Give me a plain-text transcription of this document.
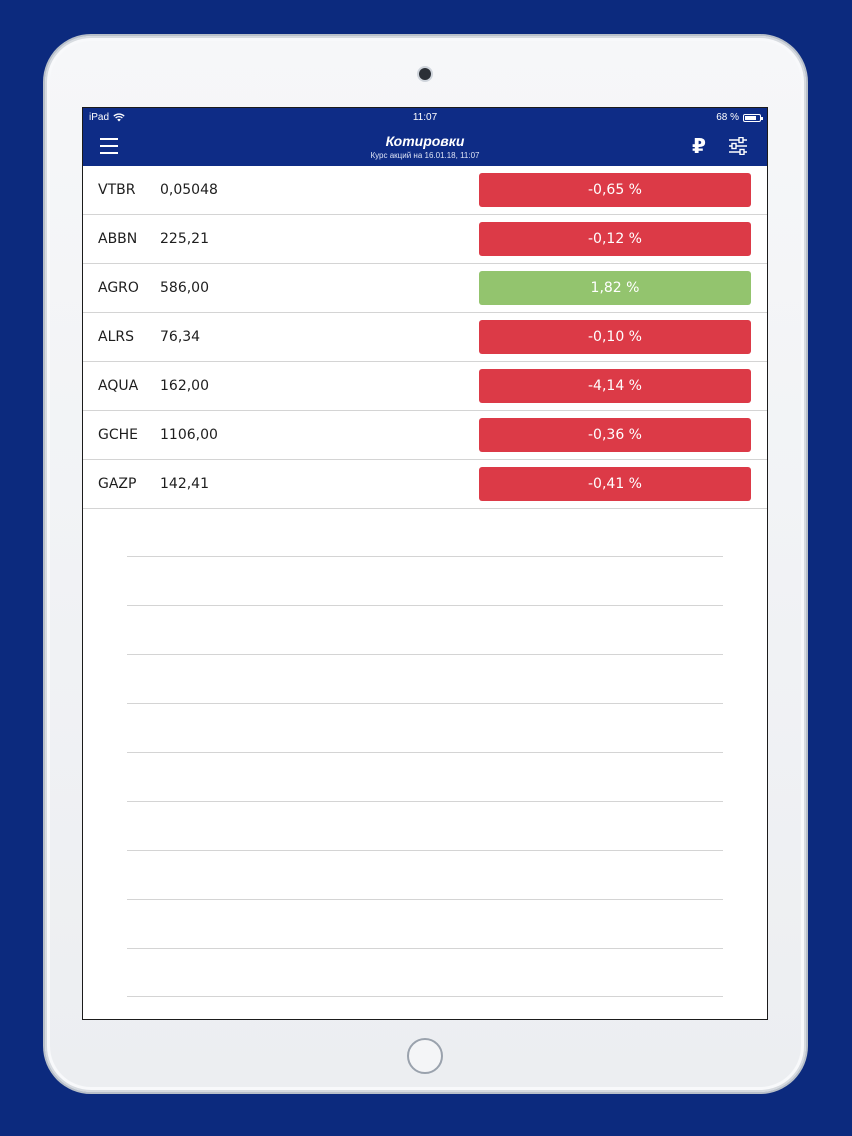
iPad	11:07	68 %
Котировки
Курс акций на 16.01.18, 11:07	₽
VTBR 0,05048	-0,65 %
ABBN 225,21	-0,12 %
AGRO 586,00	1,82 %
ALRS 76,34	-0,10 %
AQUA 162,00	-4,14 %
GCHE 1106,00	-0,36 %
GAZP 142,41	-0,41 %
